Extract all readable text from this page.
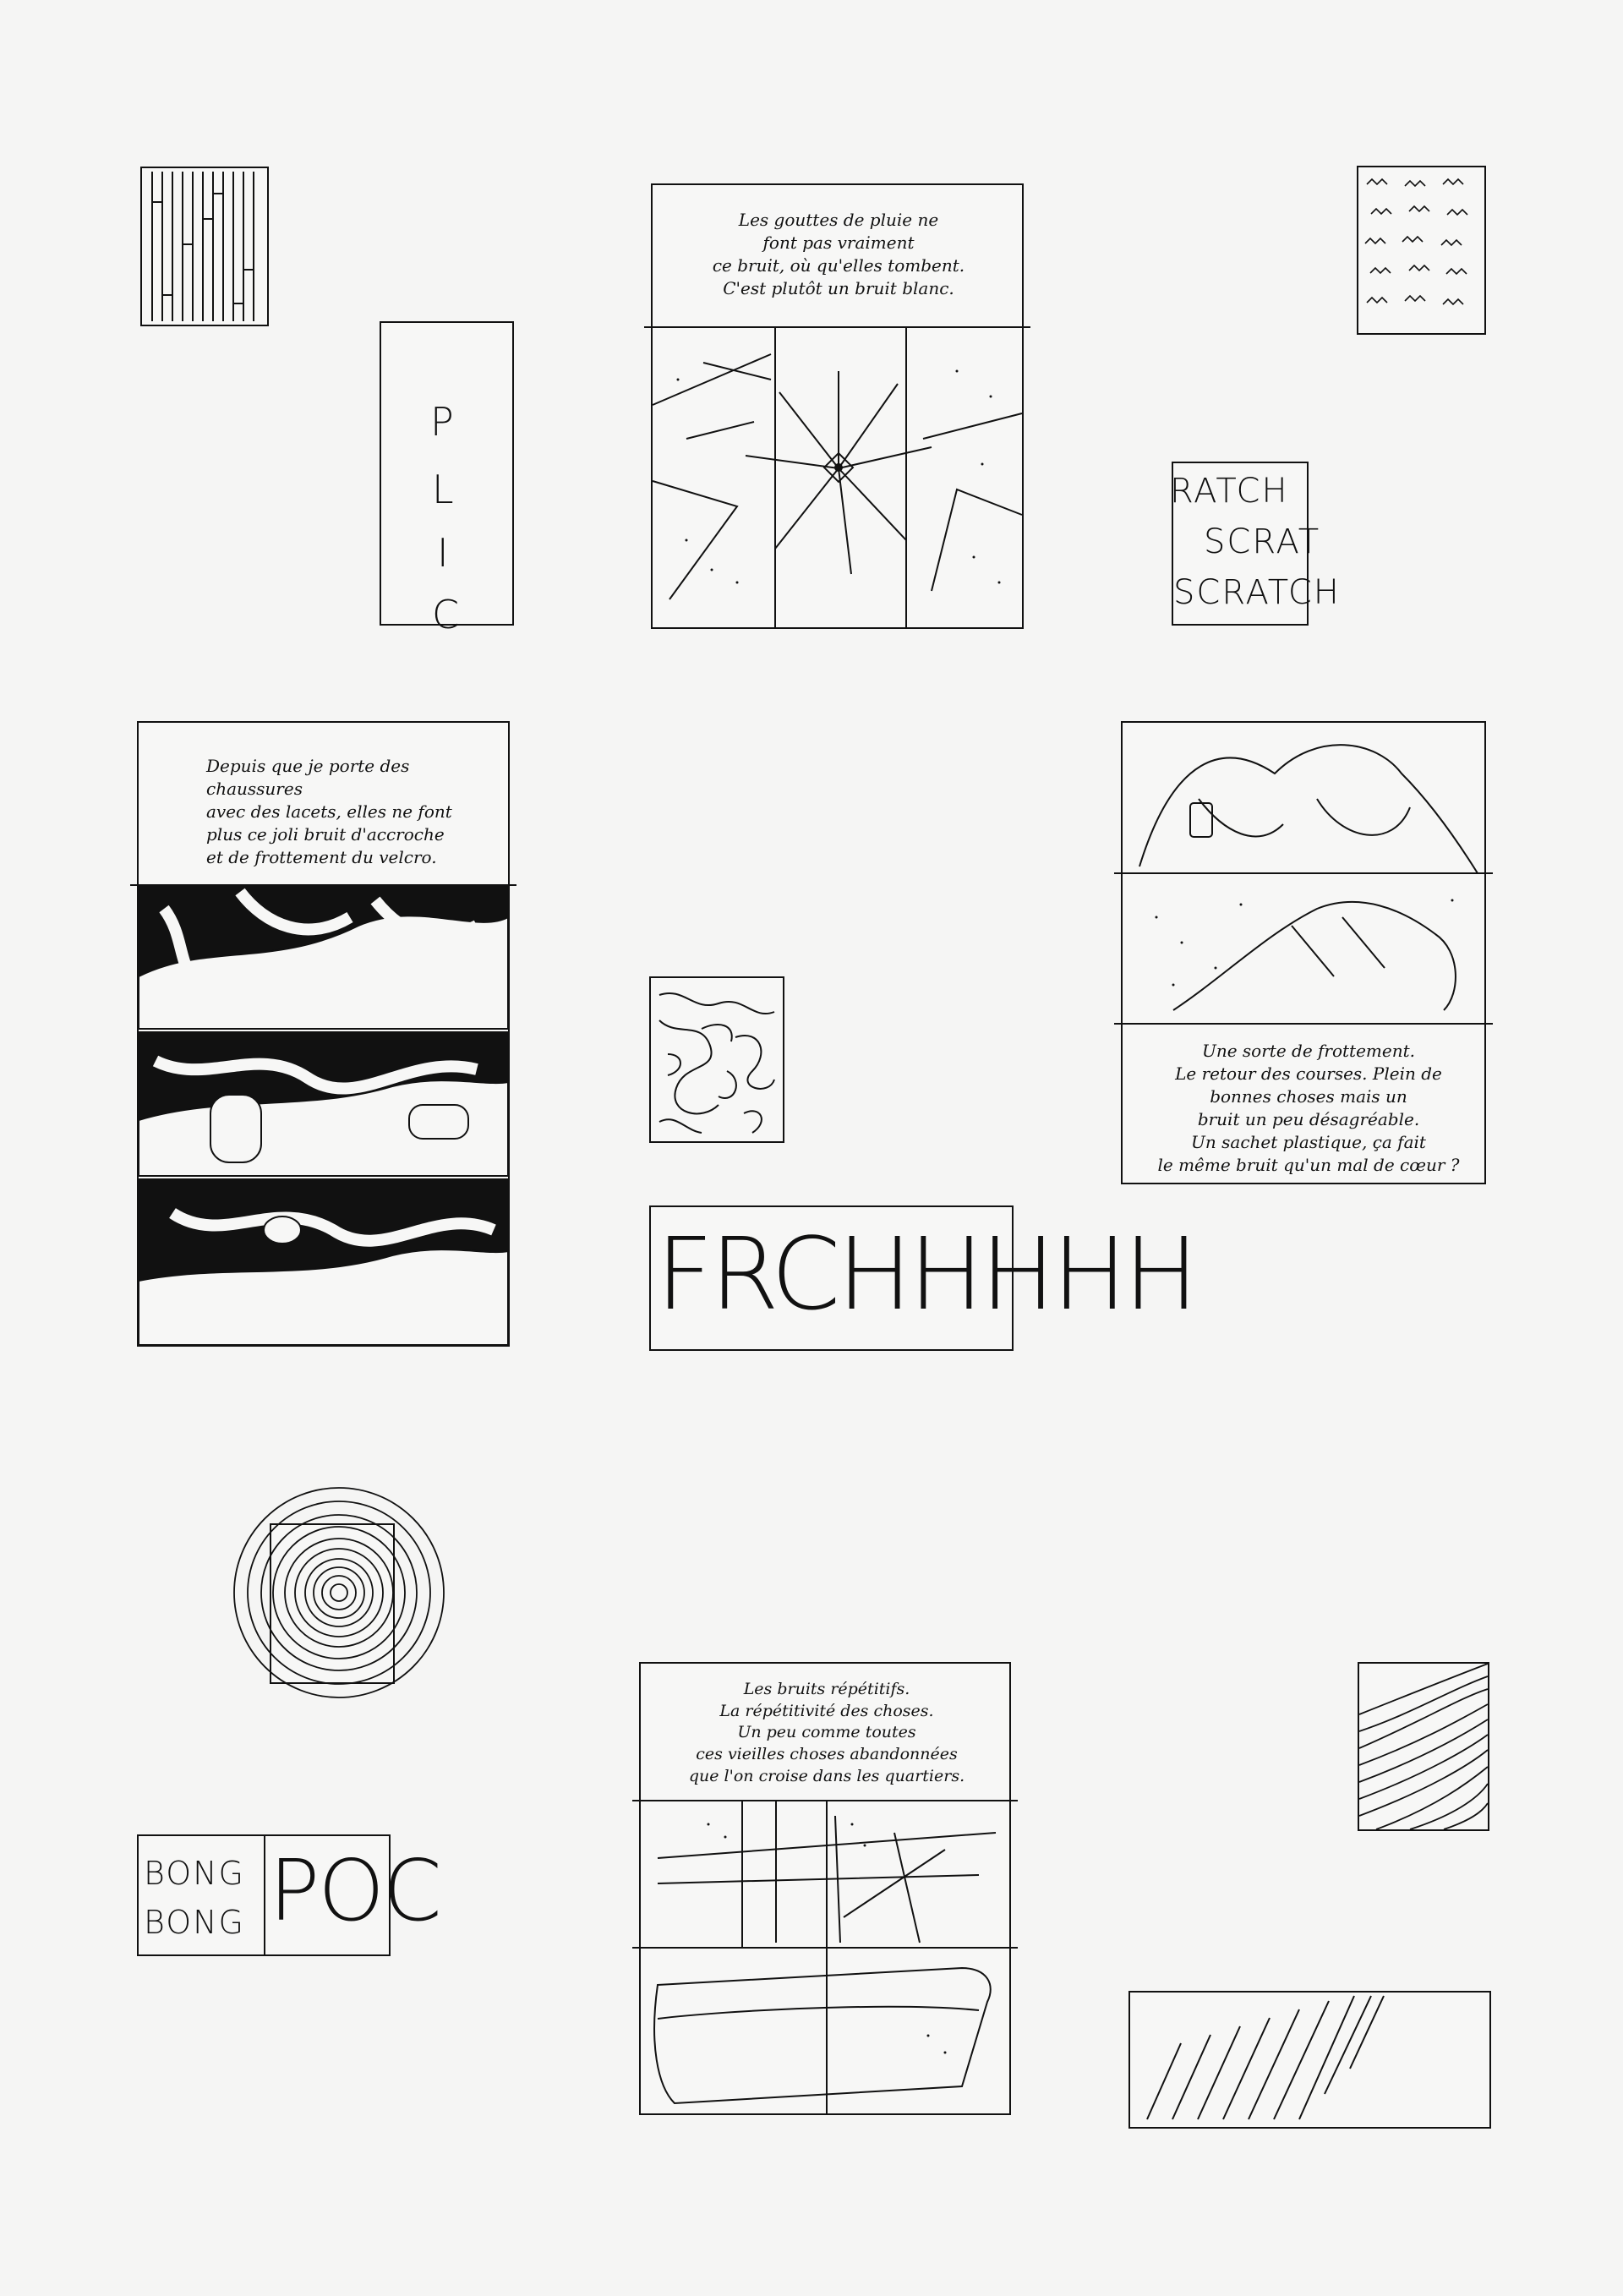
P
L
I
C
Les gouttes de pluie ne
font pas vraiment
ce bruit, où qu'elles tombent.
C'est plutôt un bruit blanc.
RATCH
SCRAT
SCRATCH
Depuis que je porte des chaussures
avec des lacets, elles ne font
plus ce joli bruit d'accroche
et de frottement du velcro.
FRCHHHHH
Une sorte de frottement.
Le retour des courses. Plein de
bonnes choses mais un
bruit un peu désagréable.
Un sachet plastique, ça fait
le même bruit qu'un mal de cœur ?
BONG
BONG POC
Les bruits répétitifs.
La répétitivité des choses.
Un peu comme toutes
ces vieilles choses abandonnées
que l'on croise dans les quartiers.
